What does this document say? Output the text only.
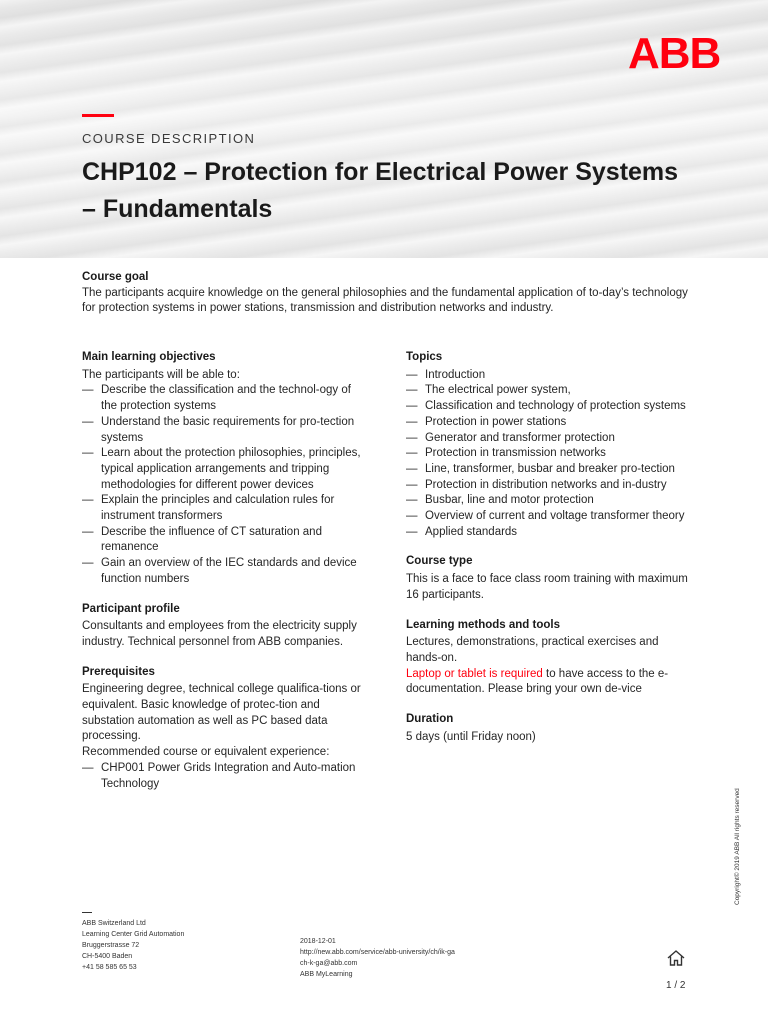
ABB
COURSE DESCRIPTION
CHP102 – Protection for Electrical Power Systems – Fundamentals

Course goal

The participants acquire knowledge on the general philosophies and the fundamental application of to-day’s technology for protection systems in power stations, transmission and distribution networks and industry.

Main learning objectives

The participants will be able to:

— Describe the classification and the technol-ogy of the protection systems
— Understand the basic requirements for pro-tection systems
— Learn about the protection philosophies, principles, typical application arrangements and tripping methodologies for different power devices
— Explain the principles and calculation rules for instrument transformers
— Describe the influence of CT saturation and remanence
— Gain an overview of the IEC standards and device function numbers

Participant profile

Consultants and employees from the electricity supply industry. Technical personnel from ABB companies.

Prerequisites

Engineering degree, technical college qualifica-tions or equivalent. Basic knowledge of protec-tion and substation automation as well as PC based data processing.

Recommended course or equivalent experience:

— CHP001 Power Grids Integration and Auto-mation Technology

Topics

— Introduction
— The electrical power system,
— Classification and technology of protection systems
— Protection in power stations
— Generator and transformer protection
— Protection in transmission networks
— Line, transformer, busbar and breaker pro-tection
— Protection in distribution networks and in-dustry
— Busbar, line and motor protection
— Overview of current and voltage transformer theory
— Applied standards

Course type

This is a face to face class room training with maximum 16 participants.

Learning methods and tools

Lectures, demonstrations, practical exercises and hands-on.

Laptop or tablet is required to have access to the e-documentation. Please bring your own de-vice

Duration

5 days (until Friday noon)

ABB Switzerland Ltd
Learning Center Grid Automation
Bruggerstrasse 72
CH-5400 Baden
+41 58 585 65 53
2018-12-01
http://new.abb.com/service/abb-university/ch/ik-ga
ch-k-ga@abb.com
ABB MyLearning
Copyright© 2019 ABB All rights reserved
1 / 2
